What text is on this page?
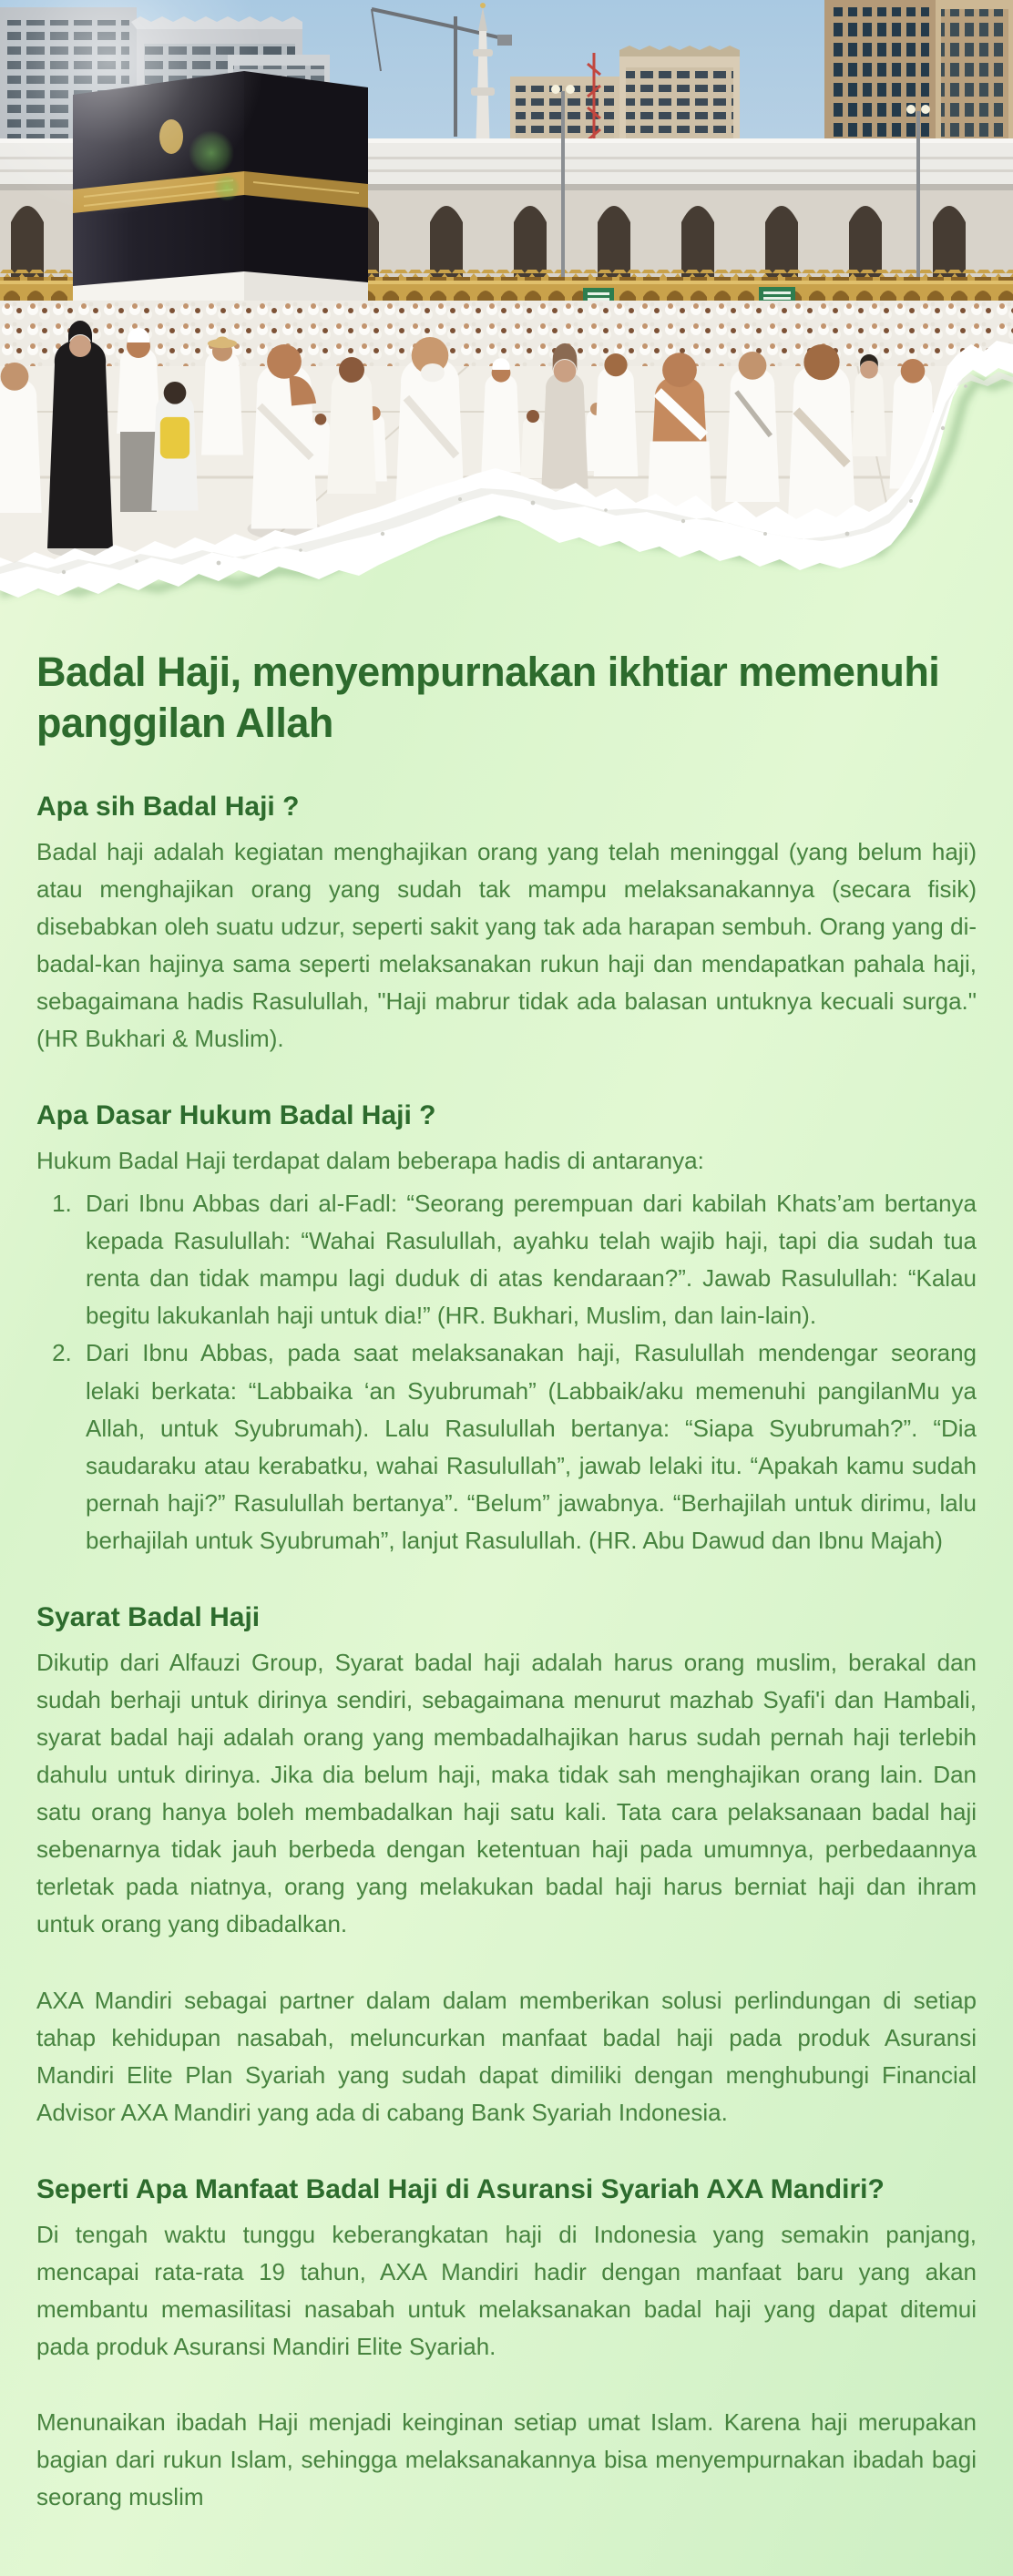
Badal Haji, menyempurnakan ikhtiar memenuhi panggilan Allah
Apa sih Badal Haji ?

Badal haji adalah kegiatan menghajikan orang yang telah meninggal (yang belum haji) atau menghajikan orang yang sudah tak mampu melaksanakannya (secara fisik) disebabkan oleh suatu udzur, seperti sakit yang tak ada harapan sembuh. Orang yang di-badal-kan hajinya sama seperti melaksanakan rukun haji dan mendapatkan pahala haji, sebagaimana hadis Rasulullah, "Haji mabrur tidak ada balasan untuknya kecuali surga." (HR Bukhari & Muslim).

Apa Dasar Hukum Badal Haji ?

Hukum Badal Haji terdapat dalam beberapa hadis di antaranya:

1. Dari Ibnu Abbas dari al-Fadl: “Seorang perempuan dari kabilah Khats’am bertanya kepada Rasulullah: “Wahai Rasulullah, ayahku telah wajib haji, tapi dia sudah tua renta dan tidak mampu lagi duduk di atas kendaraan?”. Jawab Rasulullah: “Kalau begitu lakukanlah haji untuk dia!” (HR. Bukhari, Muslim, dan lain-lain).
2. Dari Ibnu Abbas, pada saat melaksanakan haji, Rasulullah mendengar seorang lelaki berkata: “Labbaika ‘an Syubrumah” (Labbaik/aku memenuhi pangilanMu ya Allah, untuk Syubrumah). Lalu Rasulullah bertanya: “Siapa Syubrumah?”. “Dia saudaraku atau kerabatku, wahai Rasulullah”, jawab lelaki itu. “Apakah kamu sudah pernah haji?” Rasulullah bertanya”. “Belum” jawabnya. “Berhajilah untuk dirimu, lalu berhajilah untuk Syubrumah”, lanjut Rasulullah. (HR. Abu Dawud dan Ibnu Majah)
Syarat Badal Haji

Dikutip dari Alfauzi Group, Syarat badal haji adalah harus orang muslim, berakal dan sudah berhaji untuk dirinya sendiri, sebagaimana menurut mazhab Syafi'i dan Hambali, syarat badal haji adalah orang yang membadalhajikan harus sudah pernah haji terlebih dahulu untuk dirinya. Jika dia belum haji, maka tidak sah menghajikan orang lain. Dan satu orang hanya boleh membadalkan haji satu kali. Tata cara pelaksanaan badal haji sebenarnya tidak jauh berbeda dengan ketentuan haji pada umumnya, perbedaannya terletak pada niatnya, orang yang melakukan badal haji harus berniat haji dan ihram untuk orang yang dibadalkan.

AXA Mandiri sebagai partner dalam dalam memberikan solusi perlindungan di setiap tahap kehidupan nasabah, meluncurkan manfaat badal haji pada produk Asuransi Mandiri Elite Plan Syariah yang sudah dapat dimiliki dengan menghubungi Financial Advisor AXA Mandiri yang ada di cabang Bank Syariah Indonesia.

Seperti Apa Manfaat Badal Haji di Asuransi Syariah AXA Mandiri?

Di tengah waktu tunggu keberangkatan haji di Indonesia yang semakin panjang, mencapai rata-rata 19 tahun, AXA Mandiri hadir dengan manfaat baru yang akan membantu memasilitasi nasabah untuk melaksanakan badal haji yang dapat ditemui pada produk Asuransi Mandiri Elite Syariah.

Menunaikan ibadah Haji menjadi keinginan setiap umat Islam. Karena haji merupakan bagian dari rukun Islam, sehingga melaksanakannya bisa menyempurnakan ibadah bagi seorang muslim
